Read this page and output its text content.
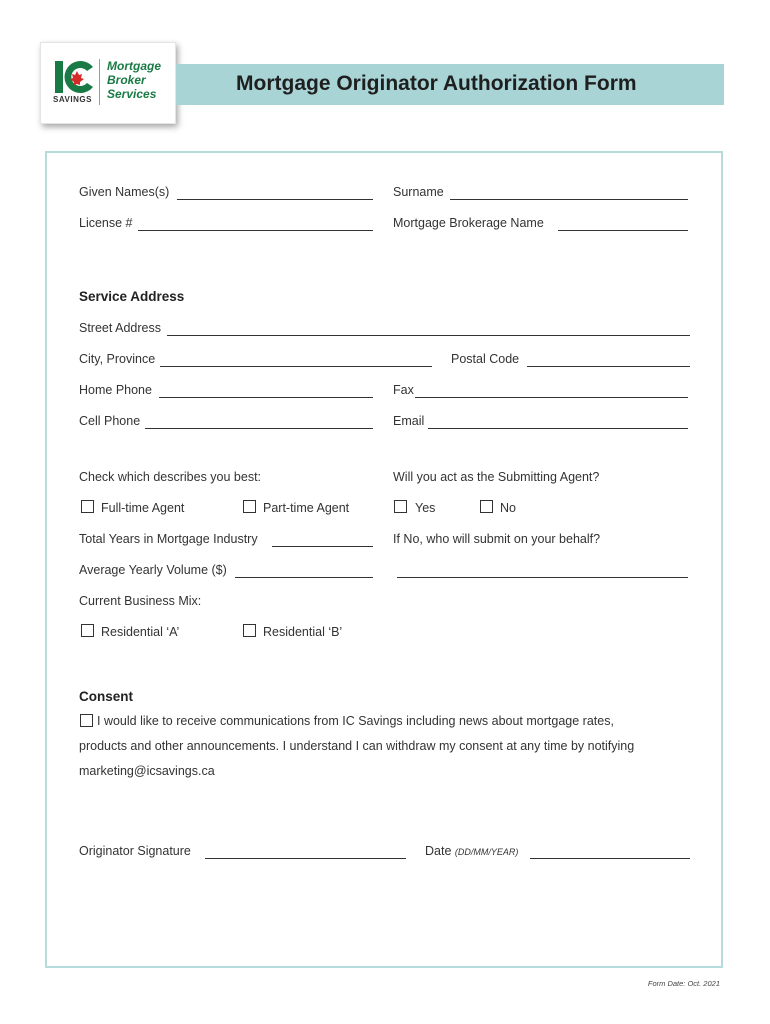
SAVINGS
Mortgage
Broker
Services	Mortgage Originator Authorization Form
Given Names(s)	Surname
License #	Mortgage Brokerage Name
Service Address
Street Address
City, Province	Postal Code
Home Phone	Fax
Cell Phone	Email
Check which describes you best:	Will you act as the Submitting Agent?
Full-time Agent	Part-time Agent	Yes	No
Total Years in Mortgage Industry	If No, who will submit on your behalf?
Average Yearly Volume ($)
Current Business Mix:
Residential ‘A’	Residential ‘B’
Consent
I would like to receive communications from IC Savings including news about mortgage rates,
products and other announcements. I understand I can withdraw my consent at any time by notifying
marketing@icsavings.ca
Originator Signature	Date (DD/MM/YEAR)
Form Date: Oct. 2021
